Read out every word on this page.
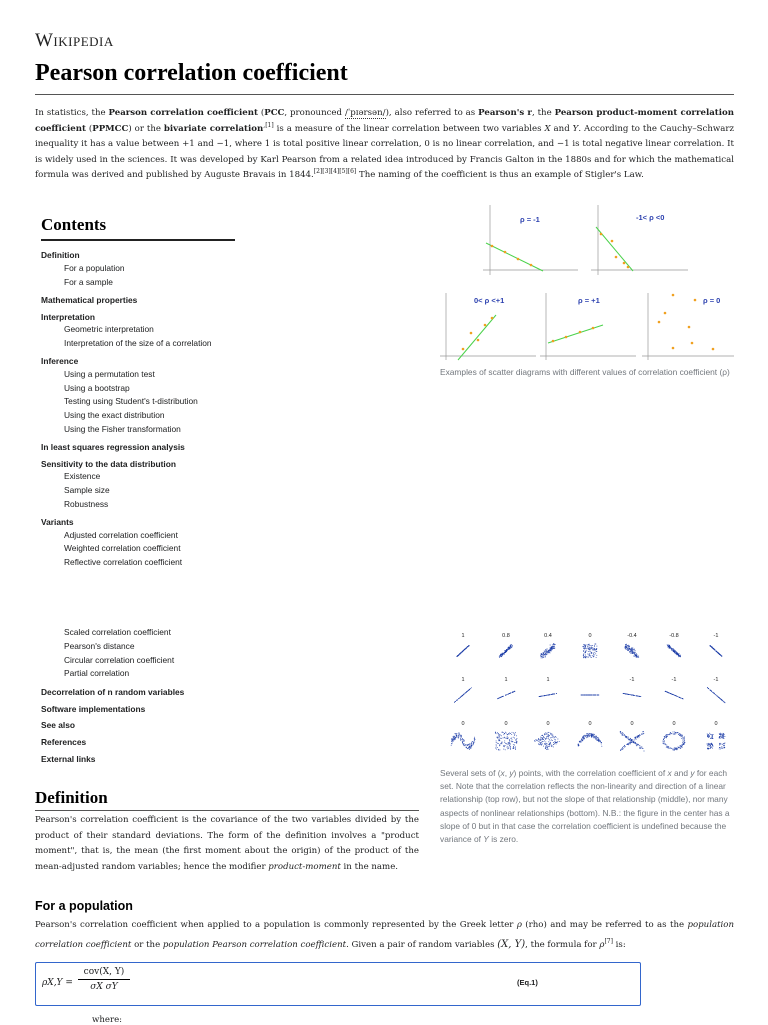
Wikipedia
Pearson correlation coefficient
In statistics, the Pearson correlation coefficient (PCC, pronounced /ˈpɪərsən/), also referred to as Pearson's r, the Pearson product-moment correlation coefficient (PPMCC) or the bivariate correlation$^{,[1]}$ is a measure of the linear correlation between two variables X and Y. According to the Cauchy–Schwarz inequality it has a value between +1 and −1, where 1 is total positive linear correlation, 0 is no linear correlation, and −1 is total negative linear correlation. It is widely used in the sciences. It was developed by Karl Pearson from a related idea introduced by Francis Galton in the 1880s and for which the mathematical formula was derived and published by Auguste Bravais in 1844.[2][3][4][5][6] The naming of the coefficient is thus an example of Stigler's Law.
Contents
Definition
For a population
For a sample
Mathematical properties
Interpretation
Geometric interpretation
Interpretation of the size of a correlation
Inference
Using a permutation test
Using a bootstrap
Testing using Student's t-distribution
Using the exact distribution
Using the Fisher transformation
In least squares regression analysis
Sensitivity to the data distribution
Existence
Sample size
Robustness
Variants
Adjusted correlation coefficient
Weighted correlation coefficient
Reflective correlation coefficient
Scaled correlation coefficient
Pearson's distance
Circular correlation coefficient
Partial correlation
Decorrelation of n random variables
Software implementations
See also
References
External links
ρ = -1	-1< ρ <0
0< ρ <+1	ρ = +1	ρ = 0
Examples of scatter diagrams with different values of correlation coefficient (ρ)
1	0.8	0.4	0	-0.4	-0.8	-1
1	1	1	-1	-1	-1
0	0	0	0	0	0	0
Several sets of (x, y) points, with the correlation coefficient of x and y for each set. Note that the correlation reflects the non-linearity and direction of a linear relationship (top row), but not the slope of that relationship (middle), nor many aspects of nonlinear relationships (bottom). N.B.: the figure in the center has a slope of 0 but in that case the correlation coefficient is undefined because the variance of Y is zero.
Definition
Pearson's correlation coefficient is the covariance of the two variables divided by the product of their standard deviations. The form of the definition involves a "product moment", that is, the mean (the first moment about the origin) of the product of the mean-adjusted random variables; hence the modifier product-moment in the name.
For a population
Pearson's correlation coefficient when applied to a population is commonly represented by the Greek letter ρ (rho) and may be referred to as the population correlation coefficient or the population Pearson correlation coefficient. Given a pair of random variables (X, Y), the formula for ρ[7] is:
ρX,Y =
cov(X, Y)
σX σY	(Eq.1)
where:
